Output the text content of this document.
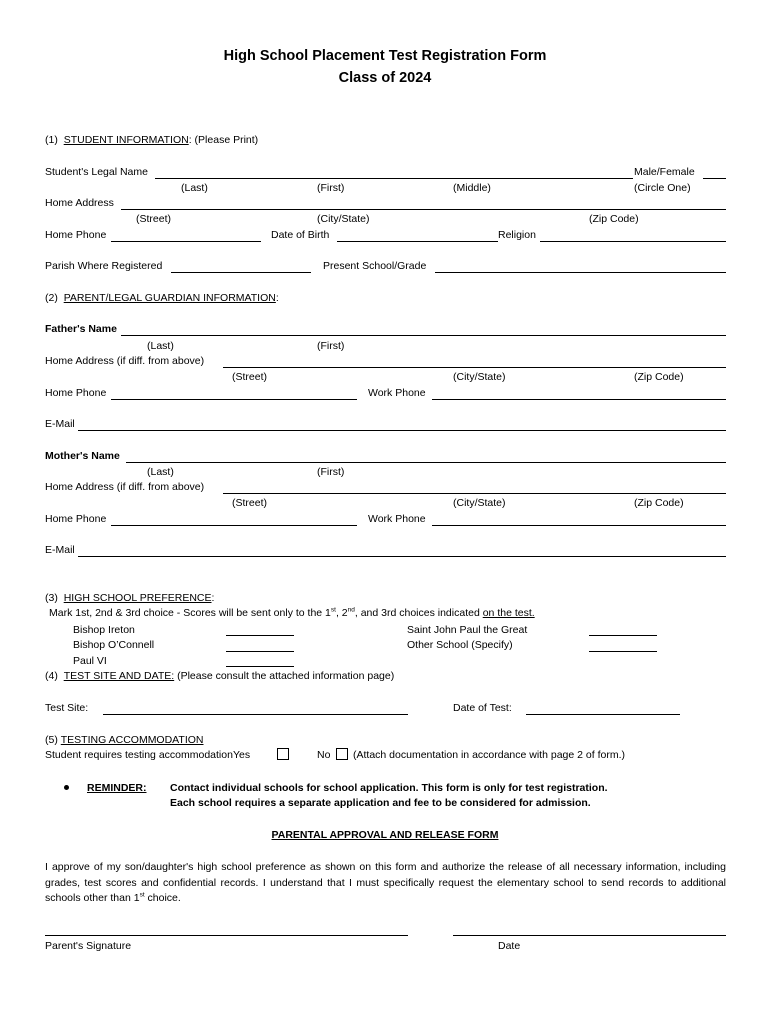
High School Placement Test Registration Form
Class of 2024
(1) STUDENT INFORMATION: (Please Print)
Student's Legal Name	Male/Female
(Last)	(First)	(Middle)	(Circle One)
Home Address
(Street)	(City/State)	(Zip Code)
Home Phone	Date of Birth	Religion
Parish Where Registered	Present School/Grade
(2) PARENT/LEGAL GUARDIAN INFORMATION:
Father's Name
(Last)	(First)
Home Address (if diff. from above)
(Street)	(City/State)	(Zip Code)
Home Phone	Work Phone
E-Mail
Mother's Name
(Last)	(First)
Home Address (if diff. from above)
(Street)	(City/State)	(Zip Code)
Home Phone	Work Phone
E-Mail
(3) HIGH SCHOOL PREFERENCE:
Mark 1st, 2nd & 3rd choice - Scores will be sent only to the 1st, 2nd, and 3rd choices indicated on the test.
Bishop Ireton
Bishop O’Connell
Paul VI
Saint John Paul the Great
Other School (Specify)
(4) TEST SITE AND DATE: (Please consult the attached information page)
Test Site:	Date of Test:
(5) TESTING ACCOMMODATION
Student requires testing accommodationYes	No (Attach documentation in accordance with page 2 of form.)
REMINDER: Contact individual schools for school application. This form is only for test registration.
Each school requires a separate application and fee to be considered for admission.
PARENTAL APPROVAL AND RELEASE FORM
I approve of my son/daughter's high school preference as shown on this form and authorize the release of all necessary information, including grades, test scores and confidential records. I understand that I must specifically request the elementary school to send records to additional schools other than 1st choice.
Parent's Signature	Date
